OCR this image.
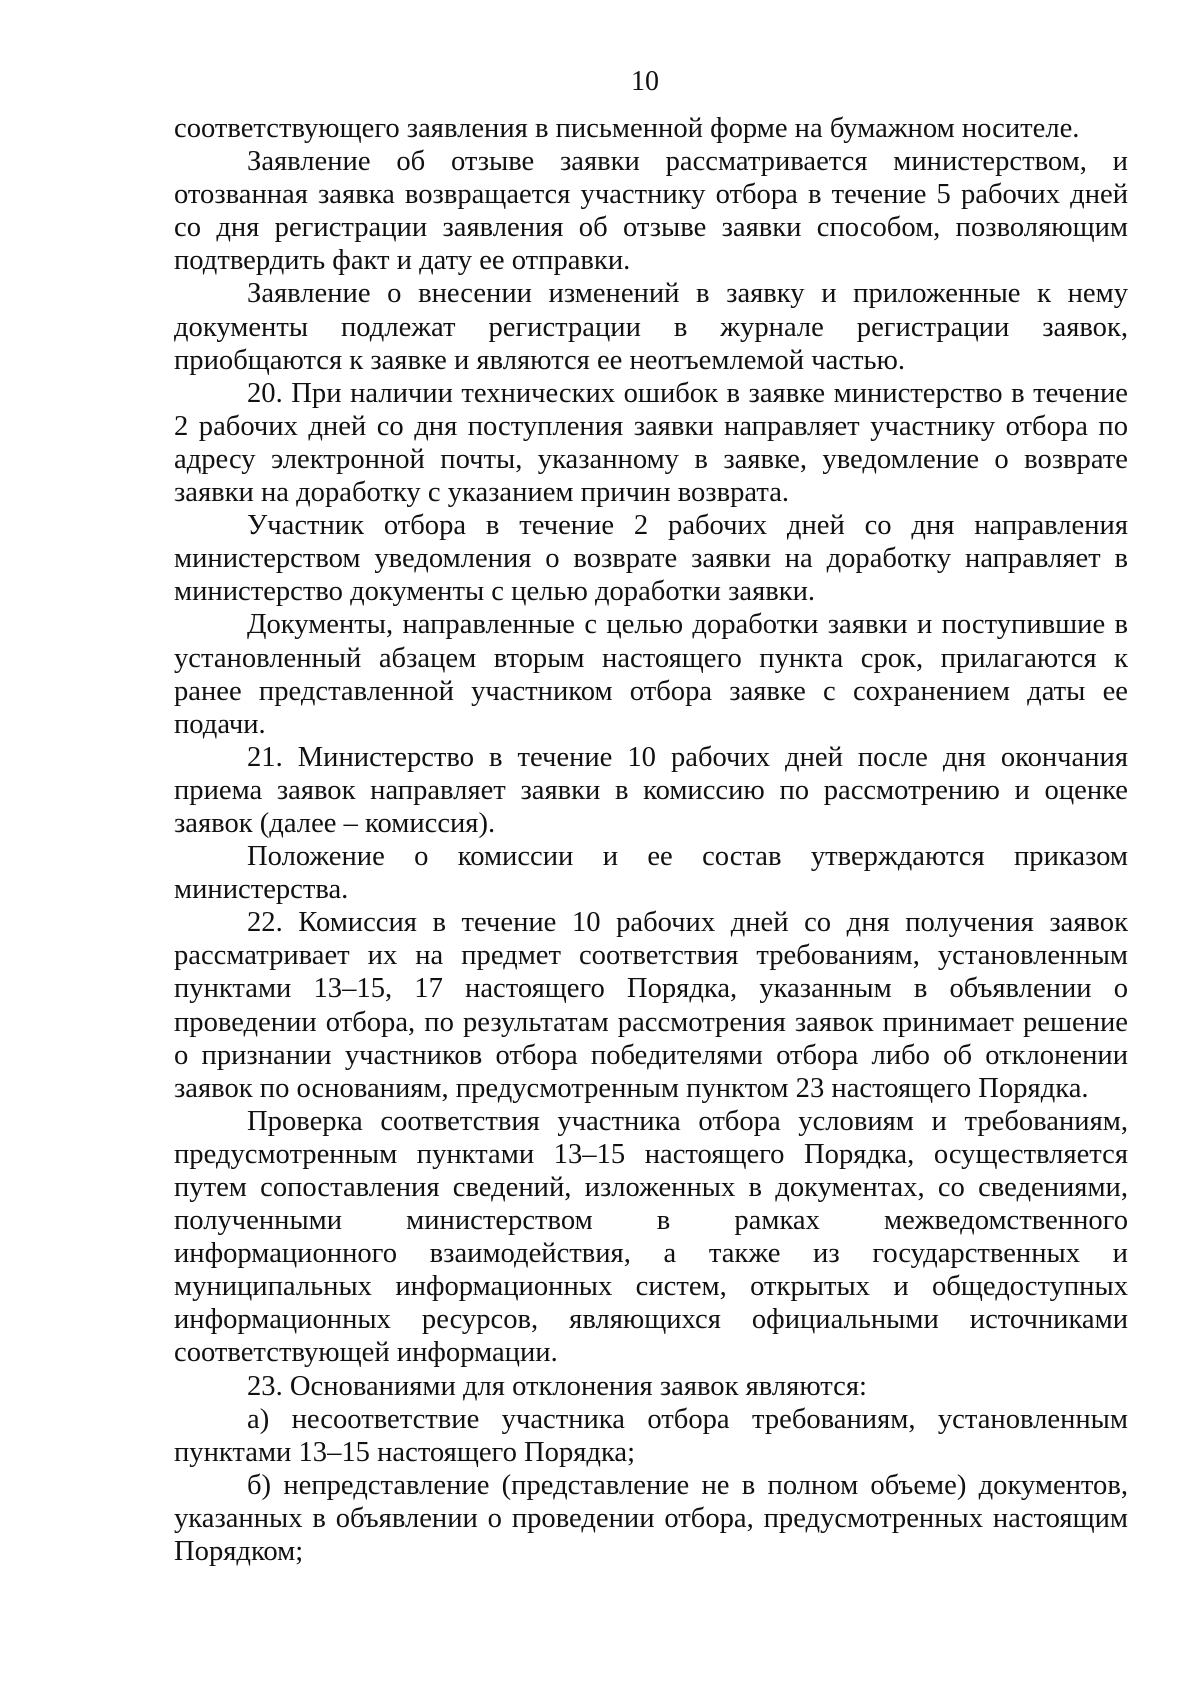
10

соответствующего заявления в письменной форме на бумажном носителе.

Заявление об отзыве заявки рассматривается министерством, и отозванная заявка возвращается участнику отбора в течение 5 рабочих дней со дня регистрации заявления об отзыве заявки способом, позволяющим подтвердить факт и дату ее отправки.

Заявление о внесении изменений в заявку и приложенные к нему документы подлежат регистрации в журнале регистрации заявок, приобщаются к заявке и являются ее неотъемлемой частью.

20. При наличии технических ошибок в заявке министерство в течение 2 рабочих дней со дня поступления заявки направляет участнику отбора по адресу электронной почты, указанному в заявке, уведомление о возврате заявки на доработку с указанием причин возврата.

Участник отбора в течение 2 рабочих дней со дня направления министерством уведомления о возврате заявки на доработку направляет в министерство документы с целью доработки заявки.

Документы, направленные с целью доработки заявки и поступившие в установленный абзацем вторым настоящего пункта срок, прилагаются к ранее представленной участником отбора заявке с сохранением даты ее подачи.

21. Министерство в течение 10 рабочих дней после дня окончания приема заявок направляет заявки в комиссию по рассмотрению и оценке заявок (далее – комиссия).

Положение о комиссии и ее состав утверждаются приказом министерства.

22. Комиссия в течение 10 рабочих дней со дня получения заявок рассматривает их на предмет соответствия требованиям, установленным пунктами 13–15, 17 настоящего Порядка, указанным в объявлении о проведении отбора, по результатам рассмотрения заявок принимает решение о признании участников отбора победителями отбора либо об отклонении заявок по основаниям, предусмотренным пунктом 23 настоящего Порядка.

Проверка соответствия участника отбора условиям и требованиям, предусмотренным пунктами 13–15 настоящего Порядка, осуществляется путем сопоставления сведений, изложенных в документах, со сведениями, полученными министерством в рамках межведомственного информационного взаимодействия, а также из государственных и муниципальных информационных систем, открытых и общедоступных информационных ресурсов, являющихся официальными источниками соответствующей информации.

23. Основаниями для отклонения заявок являются:

а) несоответствие участника отбора требованиям, установленным пунктами 13–15 настоящего Порядка;

б) непредставление (представление не в полном объеме) документов, указанных в объявлении о проведении отбора, предусмотренных настоящим Порядком;
